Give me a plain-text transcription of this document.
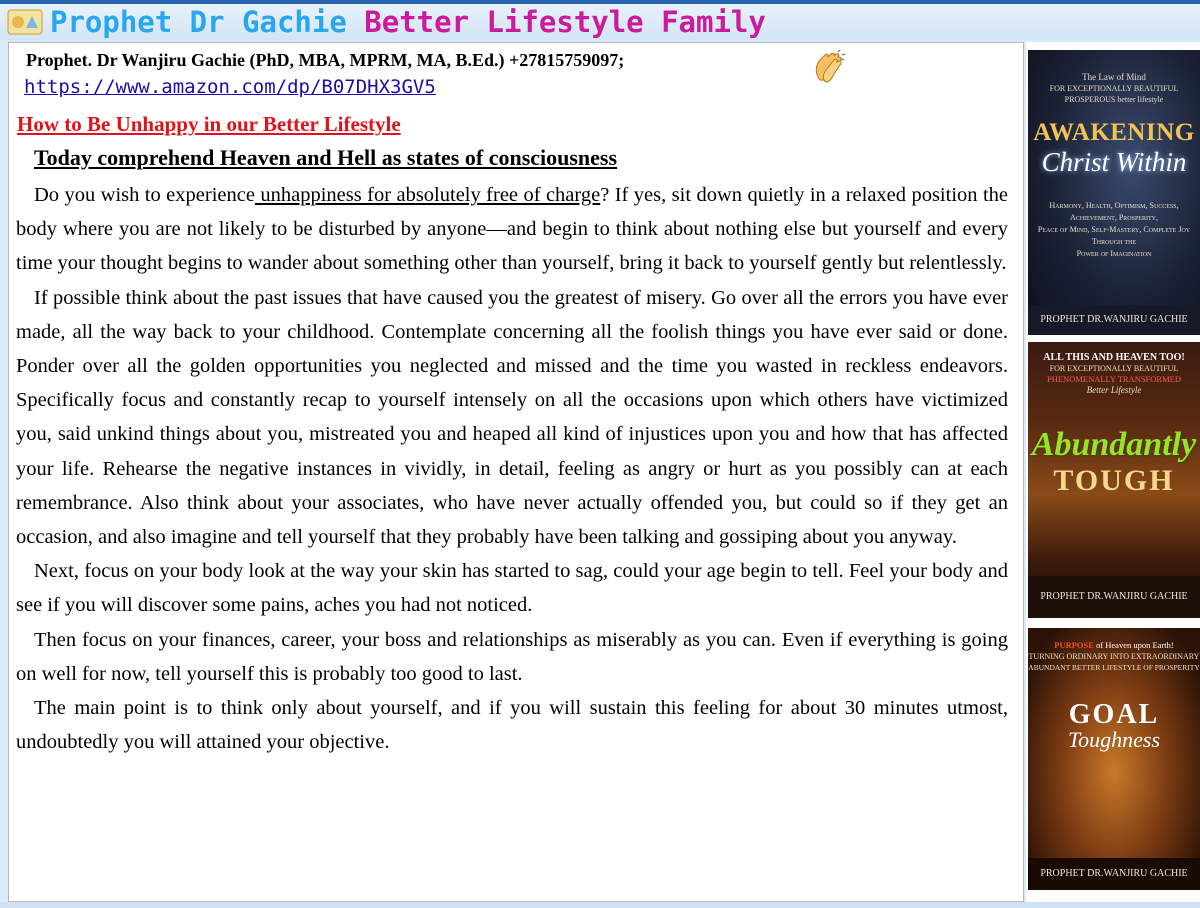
Prophet Dr Gachie Better Lifestyle Family
Prophet. Dr Wanjiru Gachie (PhD, MBA, MPRM, MA, B.Ed.) +27815759097;
https://www.amazon.com/dp/B07DHX3GV5
How to Be Unhappy in our Better Lifestyle
Today comprehend Heaven and Hell as states of consciousness

Do you wish to experience unhappiness for absolutely free of charge? If yes, sit down quietly in a relaxed position the body where you are not likely to be disturbed by anyone—and begin to think about nothing else but yourself and every time your thought begins to wander about something other than yourself, bring it back to yourself gently but relentlessly.

If possible think about the past issues that have caused you the greatest of misery. Go over all the errors you have ever made, all the way back to your childhood. Contemplate concerning all the foolish things you have ever said or done. Ponder over all the golden opportunities you neglected and missed and the time you wasted in reckless endeavors. Specifically focus and constantly recap to yourself intensely on all the occasions upon which others have victimized you, said unkind things about you, mistreated you and heaped all kind of injustices upon you and how that has affected your life. Rehearse the negative instances in vividly, in detail, feeling as angry or hurt as you possibly can at each remembrance. Also think about your associates, who have never actually offended you, but could so if they get an occasion, and also imagine and tell yourself that they probably have been talking and gossiping about you anyway.

Next, focus on your body look at the way your skin has started to sag, could your age begin to tell. Feel your body and see if you will discover some pains, aches you had not noticed.

Then focus on your finances, career, your boss and relationships as miserably as you can. Even if everything is going on well for now, tell yourself this is probably too good to last.

The main point is to think only about yourself, and if you will sustain this feeling for about 30 minutes utmost, undoubtedly you will attained your objective.

The Law of Mind
FOR EXCEPTIONALLY BEAUTIFUL
PROSPEROUS better lifestyle
AWAKENING
Christ Within
Harmony, Health, Optimism, Success,
Achievement, Prosperity,
Peace of Mind, Self-Mastery, Complete Joy
Through the
Power of Imagination
PROPHET DR.WANJIRU GACHIE
ALL THIS AND HEAVEN TOO!
FOR EXCEPTIONALLY BEAUTIFUL
PHENOMENALLY TRANSFORMED
Better Lifestyle
Abundantly
TOUGH
PROPHET DR.WANJIRU GACHIE
PURPOSE of Heaven upon Earth!
TURNING ORDINARY INTO EXTRAORDINARY
ABUNDANT BETTER LIFESTYLE OF PROSPERITY
GOAL
Toughness
PROPHET DR.WANJIRU GACHIE
